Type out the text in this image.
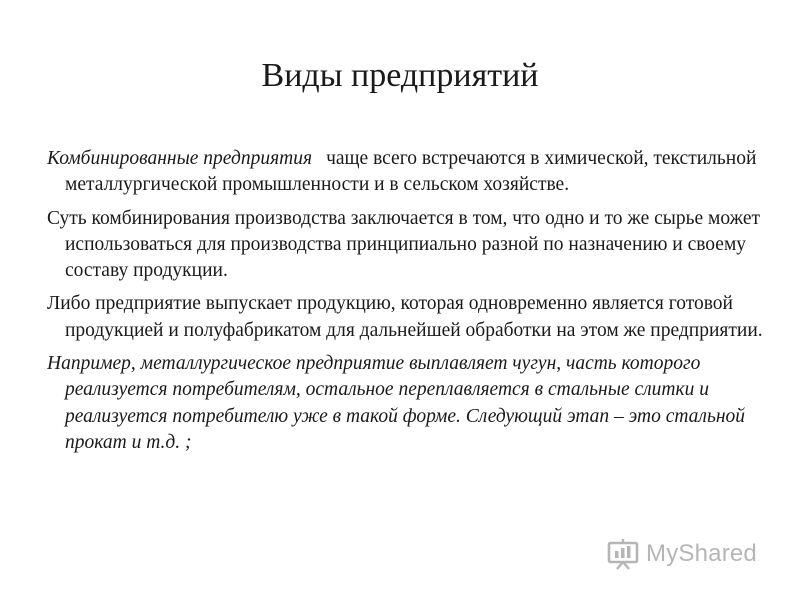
Виды предприятий
Комбинированные предприятия чаще всего встречаются в химической, текстильной металлургической промышленности и в сельском хозяйстве.
Суть комбинирования производства заключается в том, что одно и то же сырье может использоваться для производства принципиально разной по назначению и своему составу продукции.
Либо предприятие выпускает продукцию, которая одновременно является готовой продукцией и полуфабрикатом для дальнейшей обработки на этом же предприятии.
Например, металлургическое предприятие выплавляет чугун, часть которого реализуется потребителям, остальное переплавляется в стальные слитки и реализуется потребителю уже в такой форме. Следующий этап – это стальной прокат и т.д. ;
MyShared
